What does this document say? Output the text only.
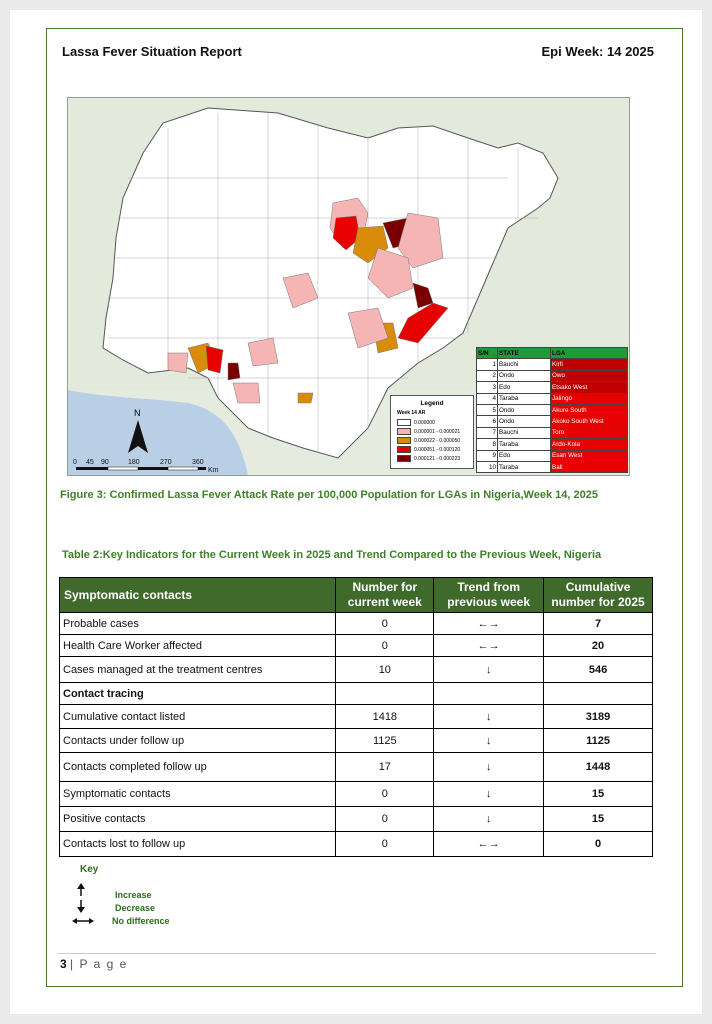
Lassa Fever Situation Report	Epi Week: 14 2025
N
0 45 90	180	270	360
Km
Legend
Week 14 AR
0.000000
0.000001 - 0.000021
0.000022 - 0.000050
0.000051 - 0.000120
0.000121 - 0.000223
S/N	STATE	LGA
1	Bauchi	Kirfi
2	Ondo	Owo
3	Edo	Etsako West
4	Taraba	Jalingo
5	Ondo	Akure South
6	Ondo	Akoko South West
7	Bauchi	Toro
8	Taraba	Ardo-Kola
9	Edo	Esan West
10	Taraba	Bali
Figure 3: Confirmed Lassa Fever Attack Rate per 100,000 Population for LGAs in Nigeria,Week 14, 2025
Table 2:Key Indicators for the Current Week in 2025 and Trend Compared to the Previous Week, Nigeria
Symptomatic contacts	Number for current week	Trend from previous week	Cumulative number for 2025
Probable cases	0	←→	7
Health Care Worker affected	0	←→	20
Cases managed at the treatment centres	10	↓	546
Contact tracing			
Cumulative contact listed	1418	↓	3189
Contacts under follow up	1125	↓	1125
Contacts completed follow up	17	↓	1448
Symptomatic contacts	0	↓	15
Positive contacts	0	↓	15
Contacts lost to follow up	0	←→	0
Key
Increase
Decrease
No difference
3 | P a g e
